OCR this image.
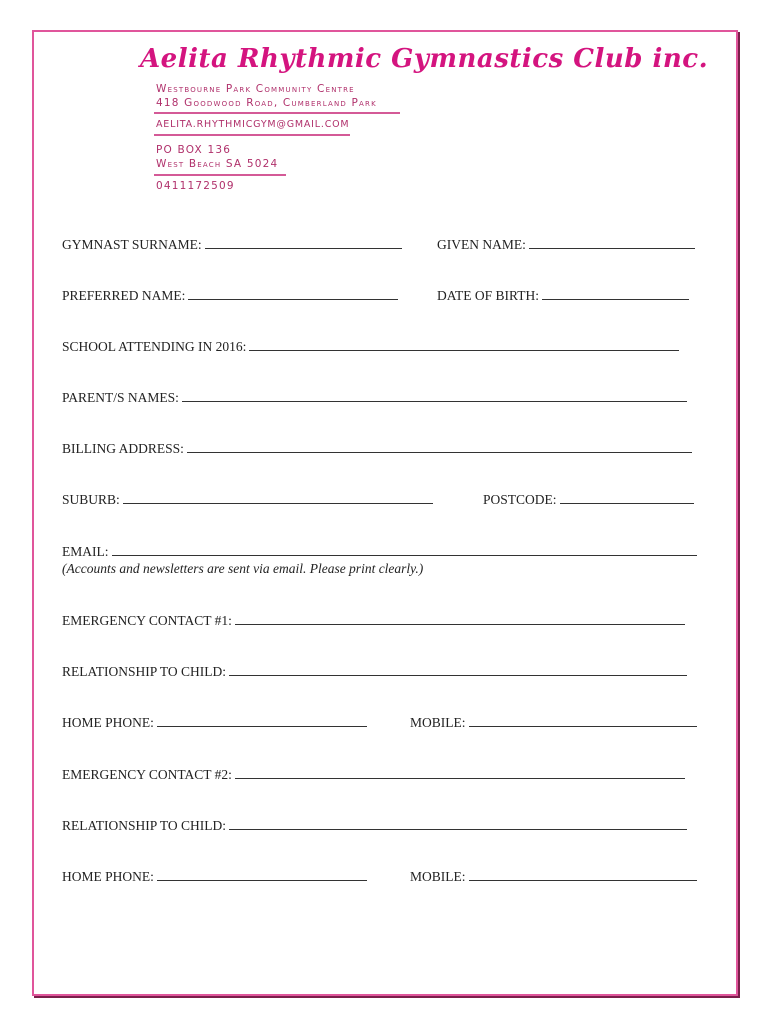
Aelita Rhythmic Gymnastics Club inc.
Westbourne Park Community Centre
418 Goodwood Road, Cumberland Park
AELITA.RHYTHMICGYM@GMAIL.COM
PO BOX 136
West Beach SA 5024
0411172509
GYMNAST SURNAME:	GIVEN NAME:
PREFERRED NAME:	DATE OF BIRTH:
SCHOOL ATTENDING IN 2016:
PARENT/S NAMES:
BILLING ADDRESS:
SUBURB:	POSTCODE:
EMAIL:
(Accounts and newsletters are sent via email. Please print clearly.)
EMERGENCY CONTACT #1:
RELATIONSHIP TO CHILD:
HOME PHONE:	MOBILE:
EMERGENCY CONTACT #2:
RELATIONSHIP TO CHILD:
HOME PHONE:	MOBILE:
